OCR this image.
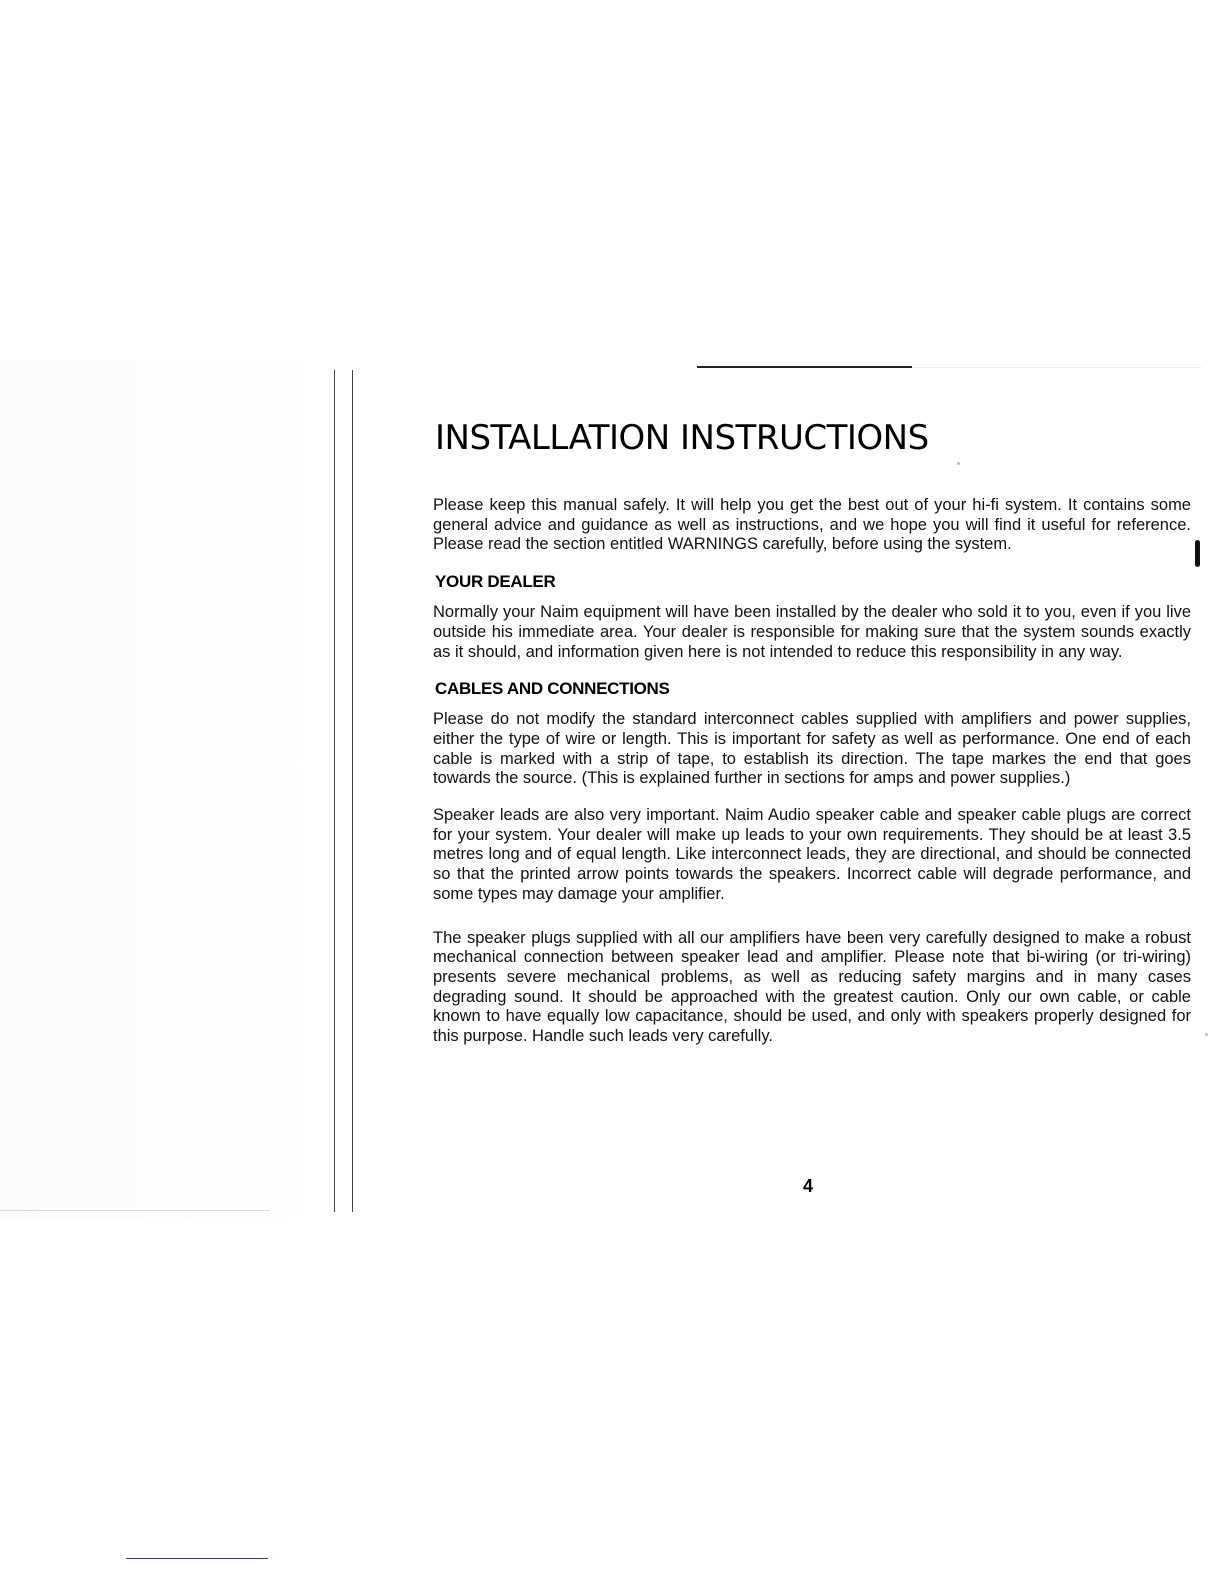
INSTALLATION INSTRUCTIONS

Please keep this manual safely. It will help you get the best out of your hi-fi system. It contains some general advice and guidance as well as instructions, and we hope you will find it useful for reference. Please read the section entitled WARNINGS carefully, before using the system.

YOUR DEALER

Normally your Naim equipment will have been installed by the dealer who sold it to you, even if you live outside his immediate area. Your dealer is responsible for making sure that the system sounds exactly as it should, and information given here is not intended to reduce this responsibility in any way.

CABLES AND CONNECTIONS

Please do not modify the standard interconnect cables supplied with amplifiers and power supplies, either the type of wire or length. This is important for safety as well as performance. One end of each cable is marked with a strip of tape, to establish its direction. The tape markes the end that goes towards the source. (This is explained further in sections for amps and power supplies.)

Speaker leads are also very important. Naim Audio speaker cable and speaker cable plugs are correct for your system. Your dealer will make up leads to your own requirements. They should be at least 3.5 metres long and of equal length. Like interconnect leads, they are directional, and should be connected so that the printed arrow points towards the speakers. Incorrect cable will degrade performance, and some types may damage your amplifier.

The speaker plugs supplied with all our amplifiers have been very carefully designed to make a robust mechanical connection between speaker lead and amplifier. Please note that bi-wiring (or tri-wiring) presents severe mechanical problems, as well as reducing safety margins and in many cases degrading sound. It should be approached with the greatest caution. Only our own cable, or cable known to have equally low capacitance, should be used, and only with speakers properly designed for this purpose. Handle such leads very carefully.

4
